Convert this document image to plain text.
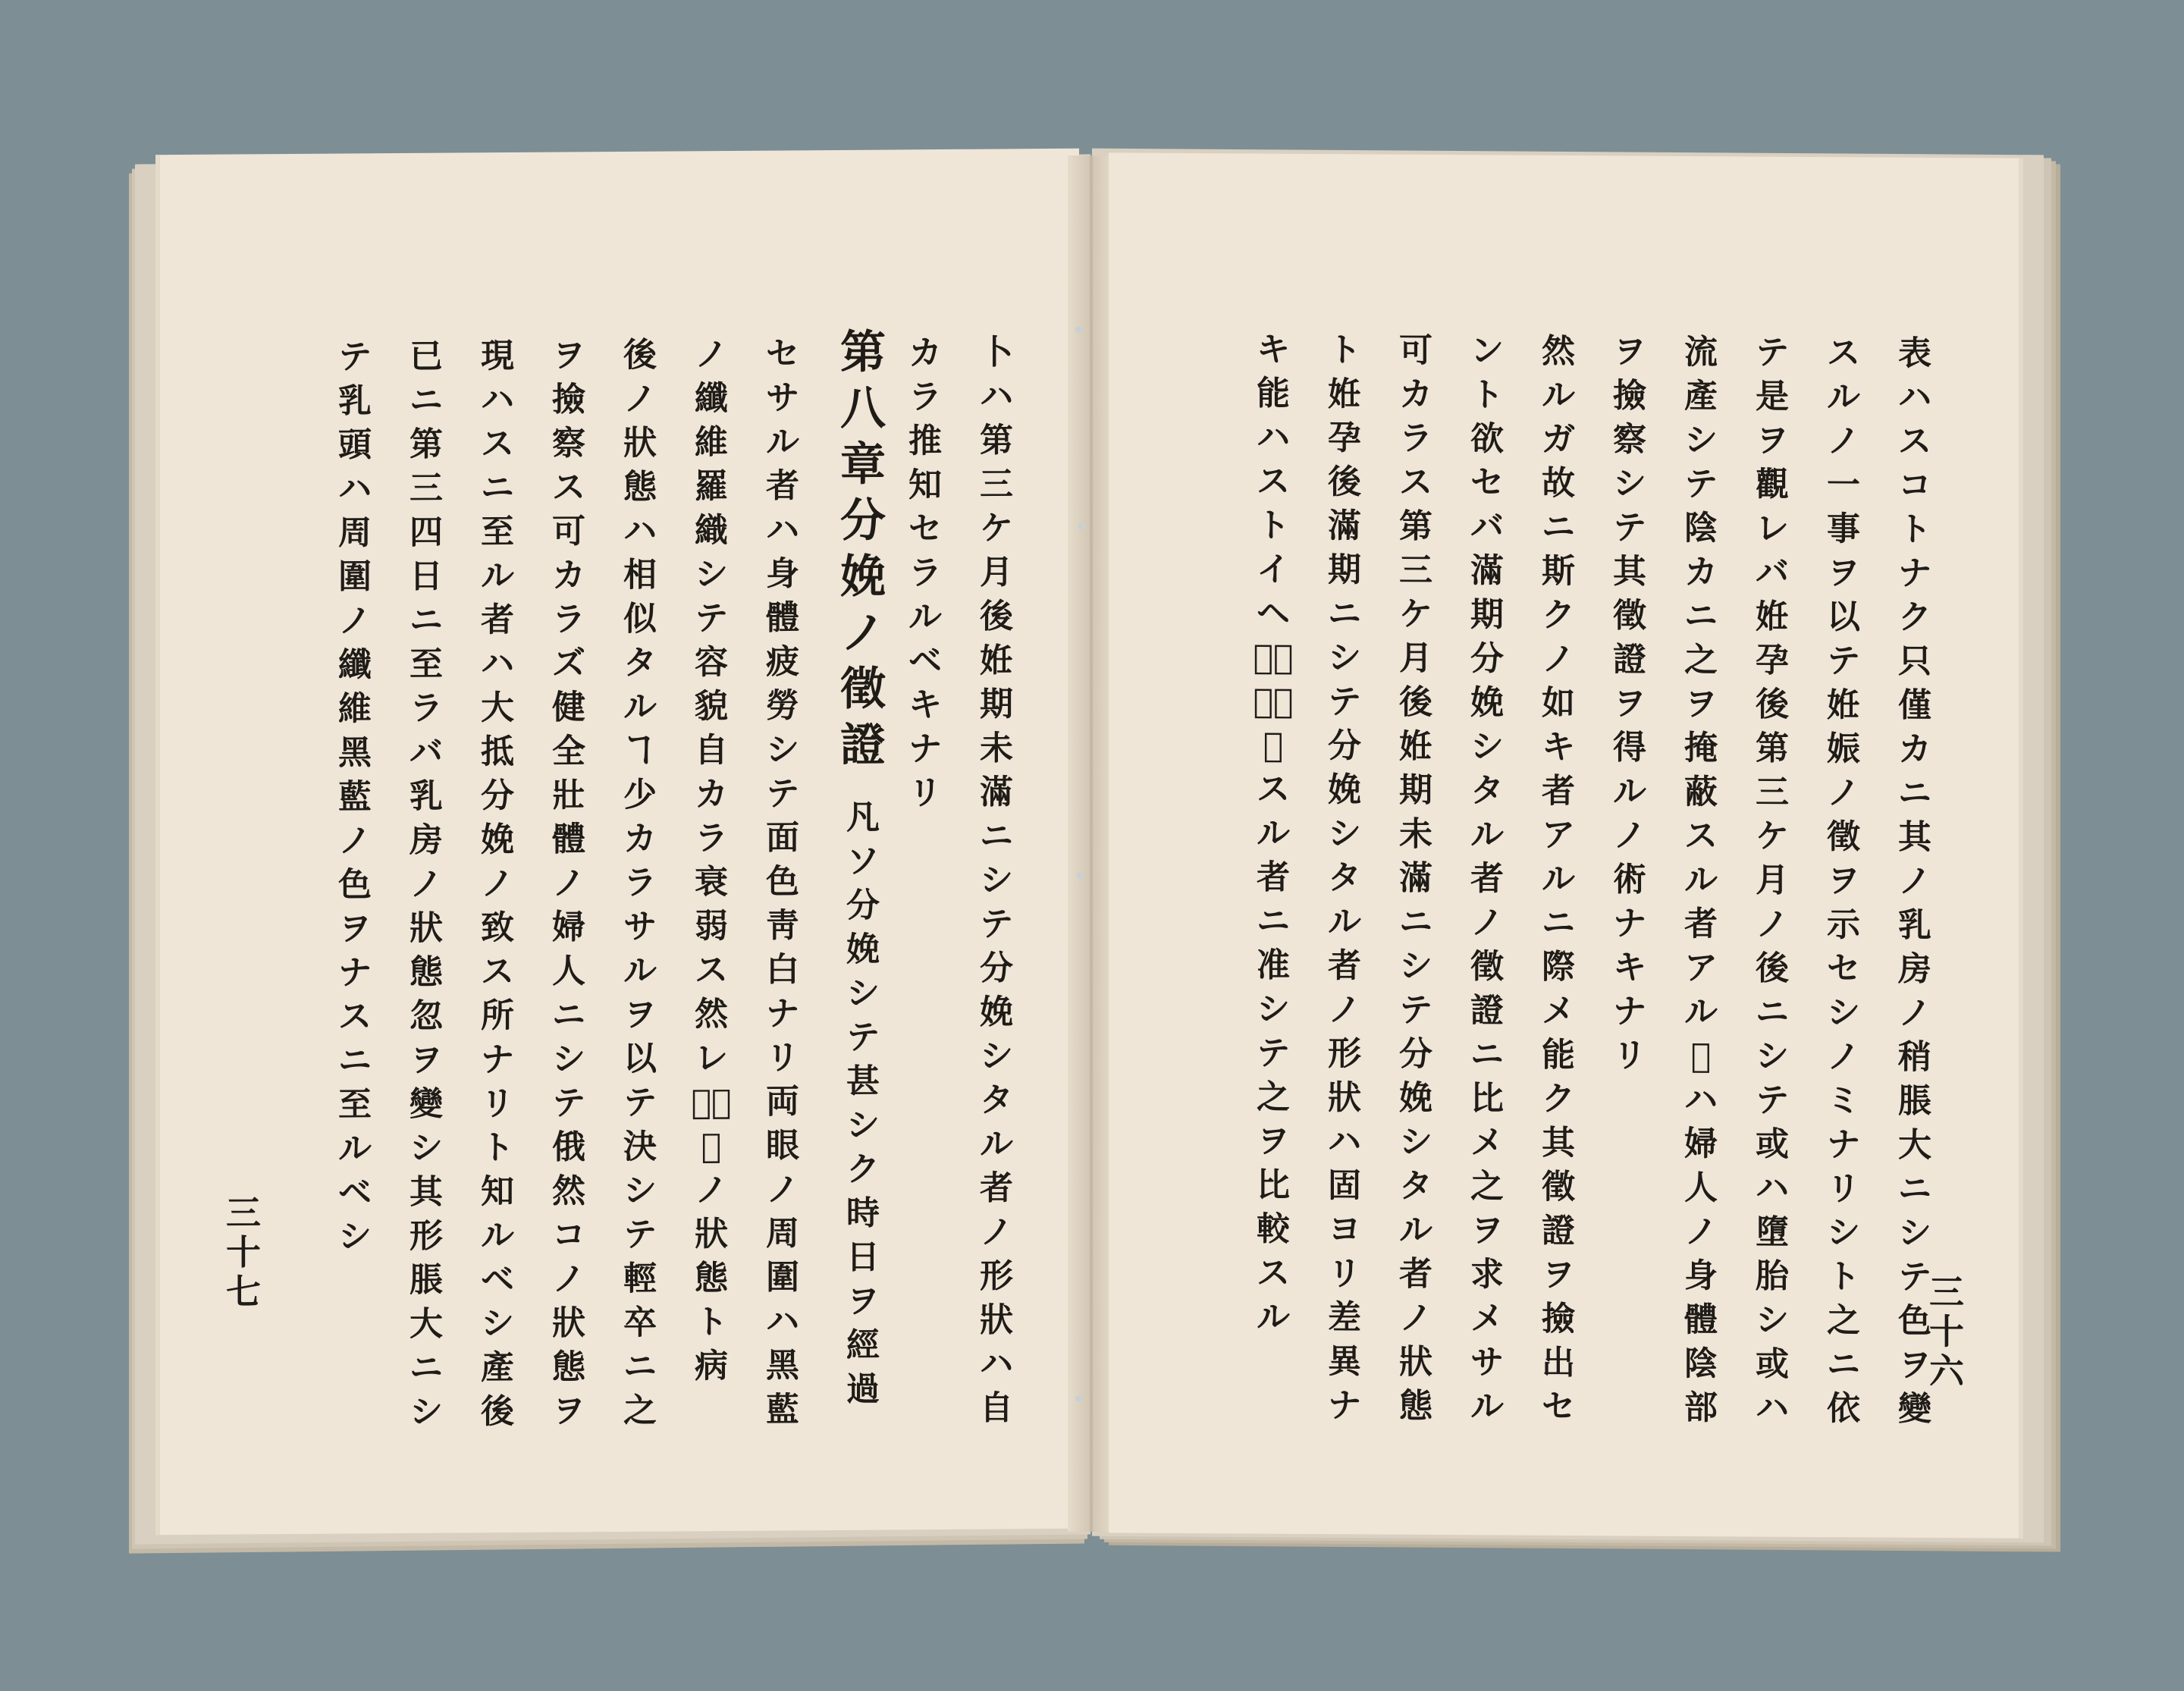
卜ハ第三ケ月後姙期未滿ニシテ分娩シタル者ノ形狀ハ自
カラ推知セラルベキナリ
第八章分娩ノ徵證
凡ソ分娩シテ甚シク時日ヲ經過
セサル者ハ身體疲勞シテ面色靑白ナリ両眼ノ周圍ハ黑藍
ノ纖維羅織シテ容貌自カラ衰弱ス然レ𪜈產後ノ狀態ト病
後ノ狀態ハ相似タルヿ少カラサルヲ以テ決シテ輕卒ニ之
ヲ撿察ス可カラズ健全壯體ノ婦人ニシテ俄然コノ狀態ヲ
現ハスニ至ル者ハ大抵分娩ノ致ス所ナリト知ルベシ產後
已ニ第三四日ニ至ラバ乳房ノ狀態忽ヲ變シ其形脹大ニシ
テ乳頭ハ周圍ノ纖維黑藍ノ色ヲナスニ至ルベシ
三十七
表ハスコトナク只僅カニ其ノ乳房ノ稍脹大ニシテ色ヲ變
スルノ一事ヲ以テ姙娠ノ徵ヲ示セシノミナリシト之ニ依
テ是ヲ觀レバ姙孕後第三ケ月ノ後ニシテ或ハ墮胎シ或ハ
流產シテ陰カニ之ヲ掩蔽スル者アル𪜈ハ婦人ノ身體陰部
ヲ撿察シテ其徵證ヲ得ルノ術ナキナリ
然ルガ故ニ斯クノ如キ者アルニ際メ能ク其徵證ヲ撿出セ
ント欲セバ滿期分娩シタル者ノ徵證ニ比メ之ヲ求メサル
可カラス第三ケ月後姙期未滿ニシテ分娩シタル者ノ狀態
ト姙孕後滿期ニシテ分娩シタル者ノ形狀ハ固ヨリ差異ナ
キ能ハストイヘ𪜈滿期分娩スル者ニ准シテ之ヲ比較スル
三十六
